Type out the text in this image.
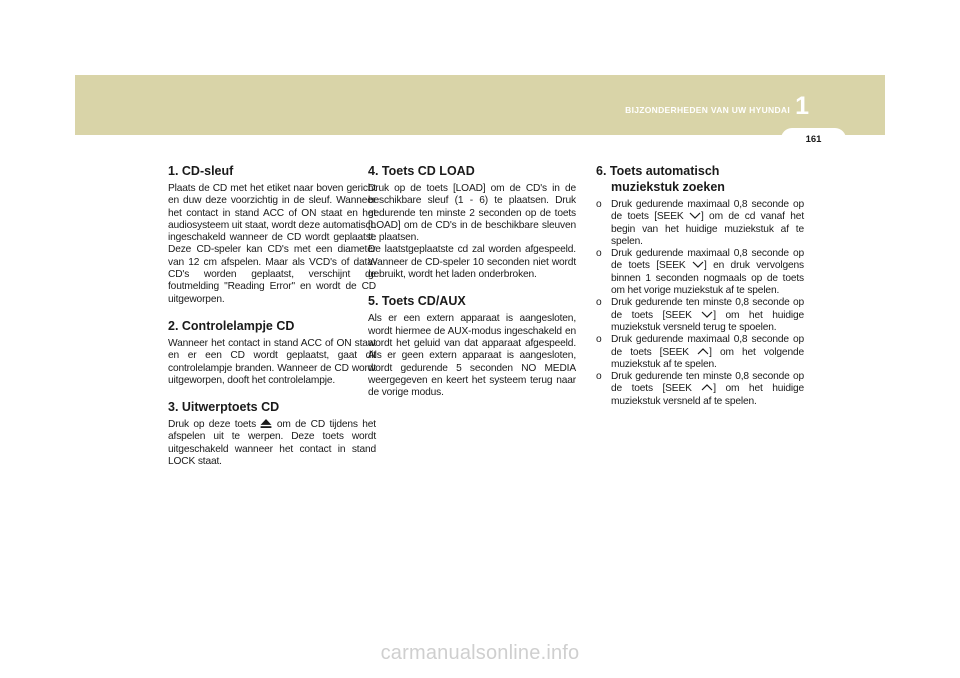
BIJZONDERHEDEN VAN UW HYUNDAI 1
161
1. CD-sleuf

Plaats de CD met het etiket naar boven gericht en duw deze voorzichtig in de sleuf. Wanneer het contact in stand ACC of ON staat en het audiosysteem uit staat, wordt deze automatisch ingeschakeld wanneer de CD wordt geplaatst. Deze CD-speler kan CD's met een diameter van 12 cm afspelen. Maar als VCD's of data-CD's worden geplaatst, verschijnt de foutmelding "Reading Error" en wordt de CD uitgeworpen.

2. Controlelampje CD

Wanneer het contact in stand ACC of ON staat en er een CD wordt geplaatst, gaat dit controlelampje branden. Wanneer de CD wordt uitgeworpen, dooft het controlelampje.

3. Uitwerptoets CD

Druk op deze toets om de CD tijdens het afspelen uit te werpen. Deze toets wordt uitgeschakeld wanneer het contact in stand LOCK staat.

4. Toets CD LOAD

Druk op de toets [LOAD] om de CD's in de beschikbare sleuf (1 - 6) te plaatsen. Druk gedurende ten minste 2 seconden op de toets [LOAD] om de CD's in de beschikbare sleuven te plaatsen.

De laatstgeplaatste cd zal worden afgespeeld. Wanneer de CD-speler 10 seconden niet wordt gebruikt, wordt het laden onderbroken.

5. Toets CD/AUX

Als er een extern apparaat is aangesloten, wordt hiermee de AUX-modus ingeschakeld en wordt het geluid van dat apparaat afgespeeld. Als er geen extern apparaat is aangesloten, wordt gedurende 5 seconden NO MEDIA weergegeven en keert het systeem terug naar de vorige modus.

6. Toets automatisch
muziekstuk zoeken
o Druk gedurende maximaal 0,8 seconde op de toets [SEEK ] om de cd vanaf het begin van het huidige muziekstuk af te spelen.
o Druk gedurende maximaal 0,8 seconde op de toets [SEEK ] en druk vervolgens binnen 1 seconden nogmaals op de toets om het vorige muziekstuk af te spelen.
o Druk gedurende ten minste 0,8 seconde op de toets [SEEK ] om het huidige muziekstuk versneld terug te spoelen.
o Druk gedurende maximaal 0,8 seconde op de toets [SEEK ] om het volgende muziekstuk af te spelen.
o Druk gedurende ten minste 0,8 seconde op de toets [SEEK ] om het huidige muziekstuk versneld af te spelen.
carmanualsonline.info
